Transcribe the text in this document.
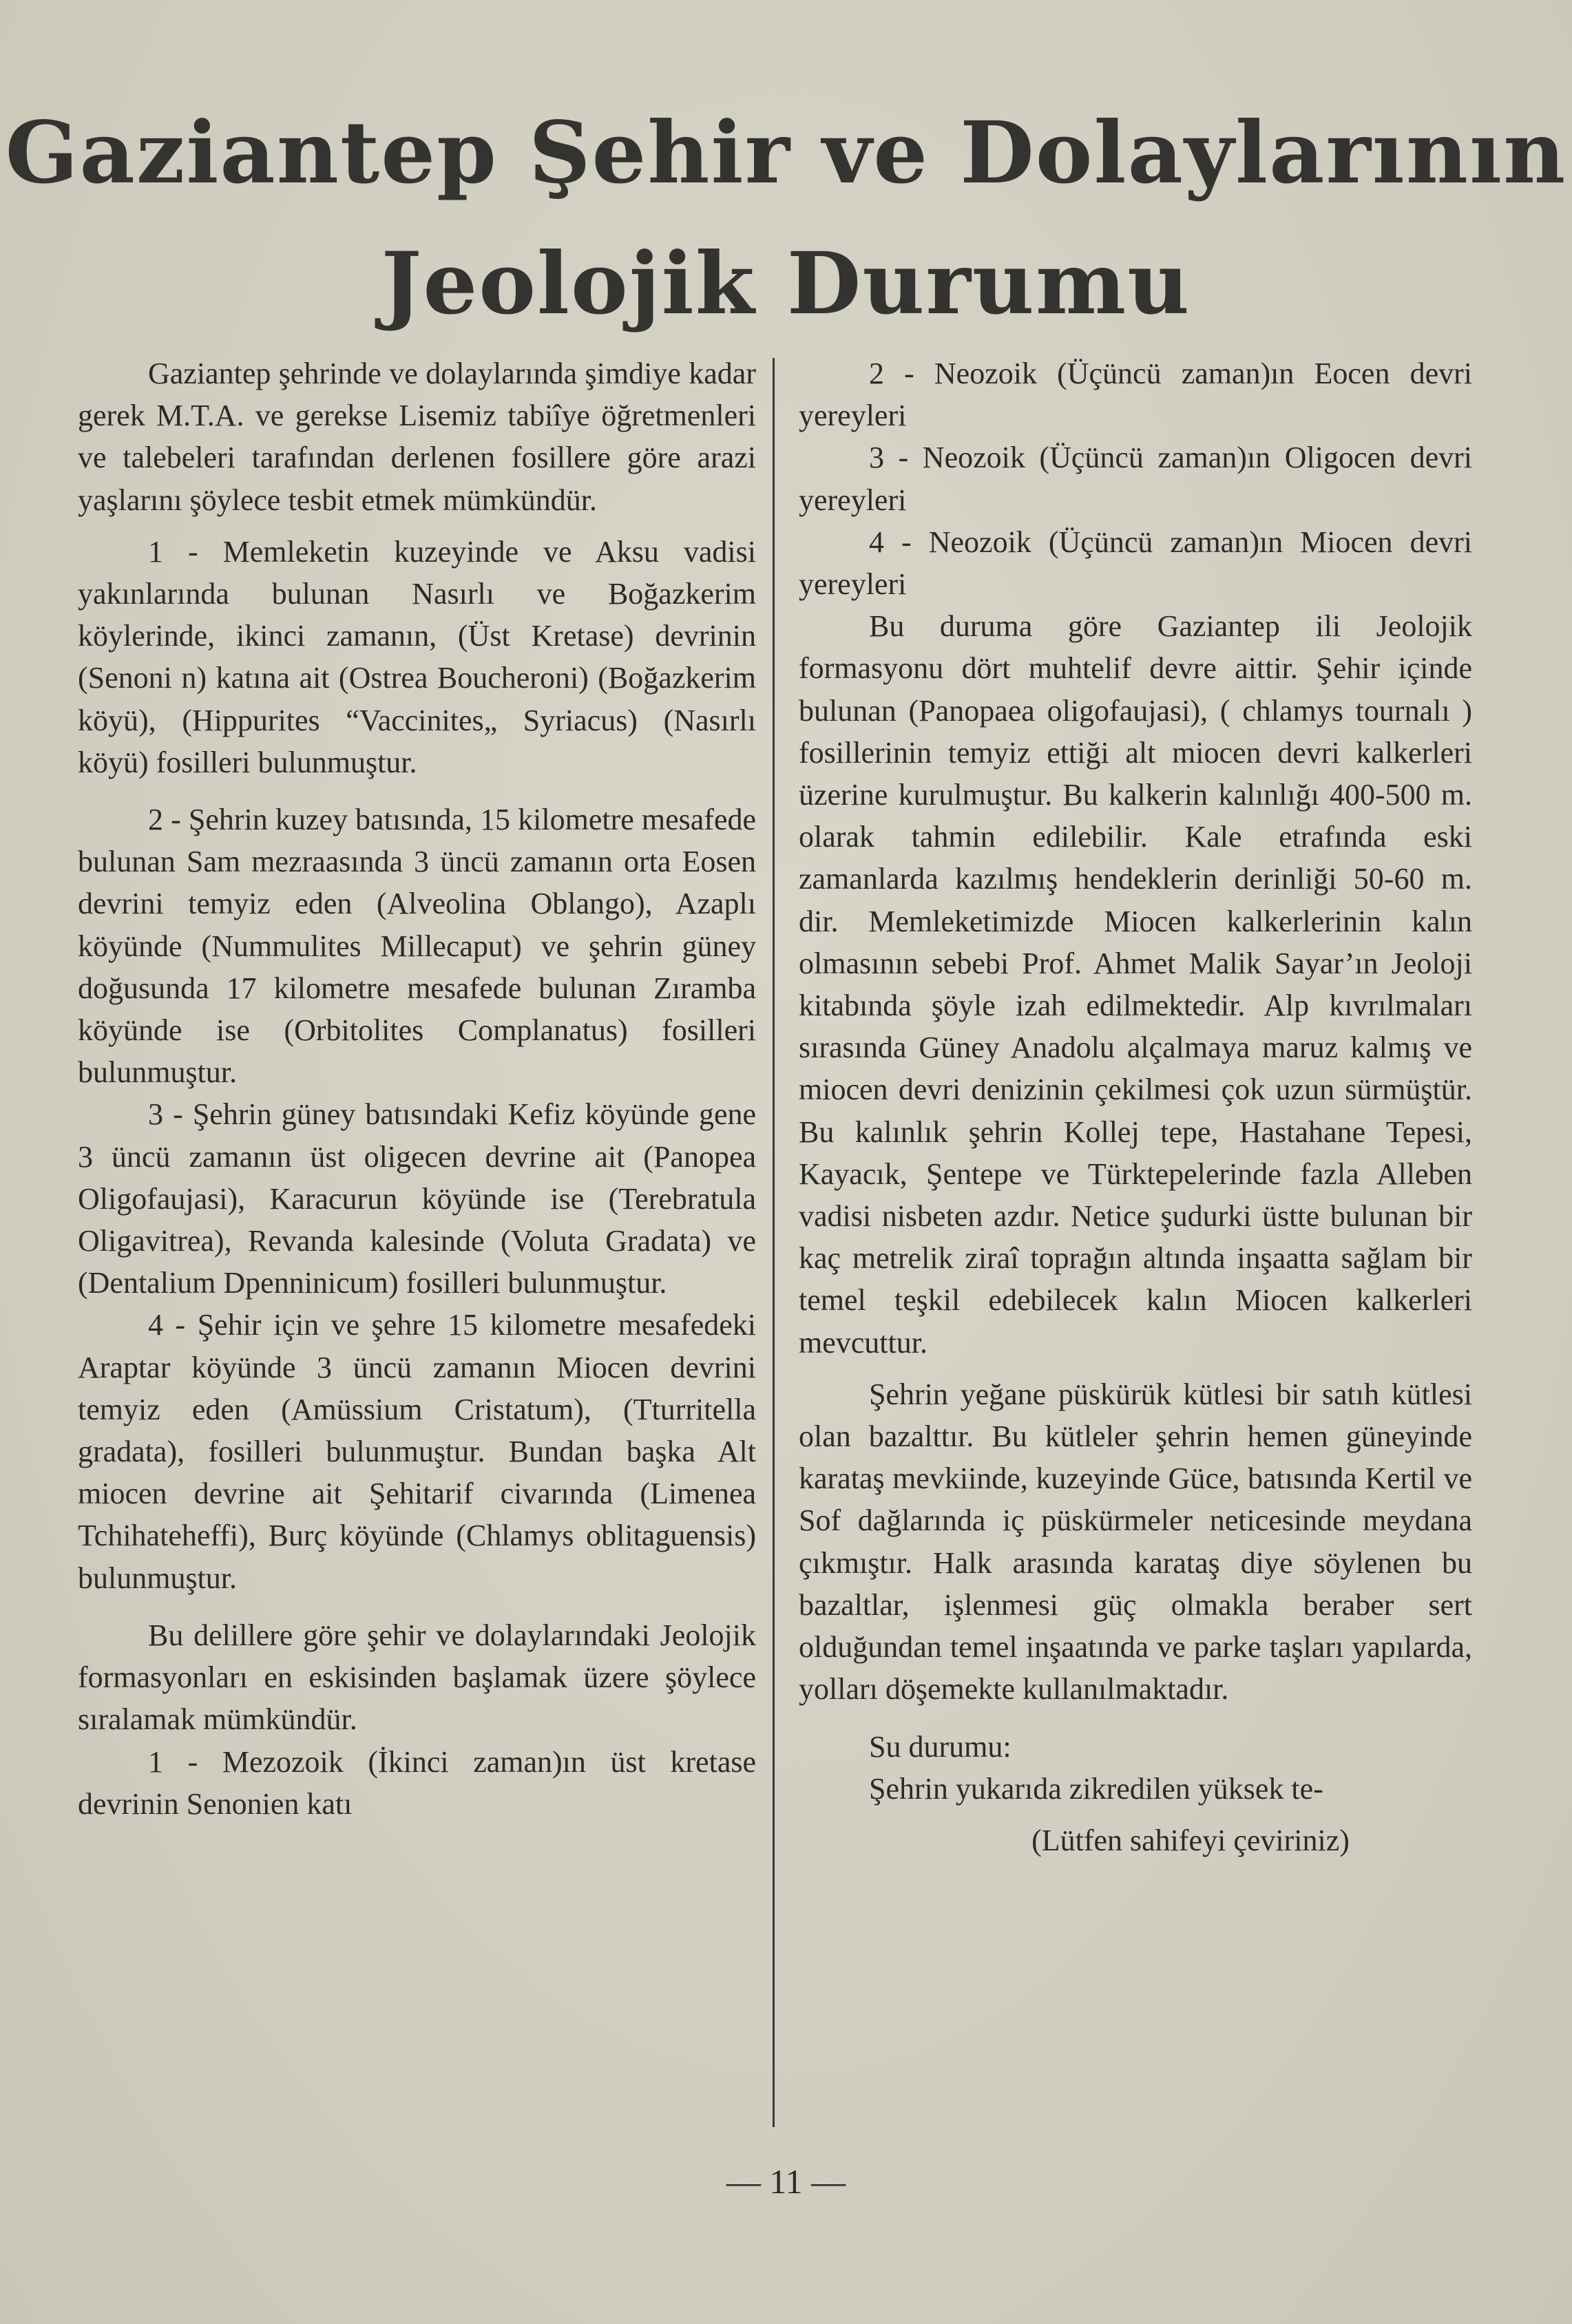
Gaziantep Şehir ve Dolaylarının
Jeolojik Durumu

Gaziantep şehrinde ve dolaylarında şimdiye kadar gerek M.T.A. ve gerekse Lisemiz tabiîye öğretmenleri ve talebeleri tarafından derlenen fosillere göre arazi yaşlarını şöylece tesbit etmek mümkündür.

1 - Memleketin kuzeyinde ve Aksu vadisi yakınlarında bulunan Nasırlı ve Boğazkerim köylerinde, ikinci zamanın, (Üst Kretase) devrinin (Senoni n) katına ait (Ostrea Boucheroni) (Boğazkerim köyü), (Hippurites “Vaccinites„ Syriacus) (Nasırlı köyü) fosilleri bulunmuştur.

2 - Şehrin kuzey batısında, 15 kilometre mesafede bulunan Sam mezraasında 3 üncü zamanın orta Eosen devrini temyiz eden (Alveolina Oblango), Azaplı köyünde (Nummulites Millecaput) ve şehrin güney doğusunda 17 kilometre mesafede bulunan Zıramba köyünde ise (Orbitolites Complanatus) fosilleri bulunmuştur.

3 - Şehrin güney batısındaki Kefiz köyünde gene 3 üncü zamanın üst oligecen devrine ait (Panopea Oligofaujasi), Karacurun köyünde ise (Terebratula Oligavitrea), Revanda kalesinde (Voluta Gradata) ve (Dentalium Dpenninicum) fosilleri bulunmuştur.

4 - Şehir için ve şehre 15 kilometre mesafedeki Araptar köyünde 3 üncü zamanın Miocen devrini temyiz eden (Amüssium Cristatum), (Tturritella gradata), fosilleri bulunmuştur. Bundan başka Alt miocen devrine ait Şehitarif civarında (Limenea Tchihateheffi), Burç köyünde (Chlamys oblitaguensis) bulunmuştur.

Bu delillere göre şehir ve dolaylarındaki Jeolojik formasyonları en eskisinden başlamak üzere şöylece sıralamak mümkündür.

1 - Mezozoik (İkinci zaman)ın üst kretase devrinin Senonien katı

2 - Neozoik (Üçüncü zaman)ın Eocen devri yereyleri

3 - Neozoik (Üçüncü zaman)ın Oligocen devri yereyleri

4 - Neozoik (Üçüncü zaman)ın Miocen devri yereyleri

Bu duruma göre Gaziantep ili Jeolojik formasyonu dört muhtelif devre aittir. Şehir içinde bulunan (Panopaea oligofaujasi), ( chlamys tournalı ) fosillerinin temyiz ettiği alt miocen devri kalkerleri üzerine kurulmuştur. Bu kalkerin kalınlığı 400-500 m. olarak tahmin edilebilir. Kale etrafında eski zamanlarda kazılmış hendeklerin derinliği 50-60 m. dir. Memleketimizde Miocen kalkerlerinin kalın olmasının sebebi Prof. Ahmet Malik Sayar’ın Jeoloji kitabında şöyle izah edilmektedir. Alp kıvrılmaları sırasında Güney Anadolu alçalmaya maruz kalmış ve miocen devri denizinin çekilmesi çok uzun sürmüştür. Bu kalınlık şehrin Kollej tepe, Hastahane Tepesi, Kayacık, Şentepe ve Türktepelerinde fazla Alleben vadisi nisbeten azdır. Netice şudurki üstte bulunan bir kaç metrelik ziraî toprağın altında inşaatta sağlam bir temel teşkil edebilecek kalın Miocen kalkerleri mevcuttur.

Şehrin yeğane püskürük kütlesi bir satıh kütlesi olan bazalttır. Bu kütleler şehrin hemen güneyinde karataş mevkiinde, kuzeyinde Güce, batısında Kertil ve Sof dağlarında iç püskürmeler neticesinde meydana çıkmıştır. Halk arasında karataş diye söylenen bu bazaltlar, işlenmesi güç olmakla beraber sert olduğundan temel inşaatında ve parke taşları yapılarda, yolları döşemekte kullanılmaktadır.

Su durumu:

Şehrin yukarıda zikredilen yüksek te-

(Lütfen sahifeyi çeviriniz)

— 11 —
